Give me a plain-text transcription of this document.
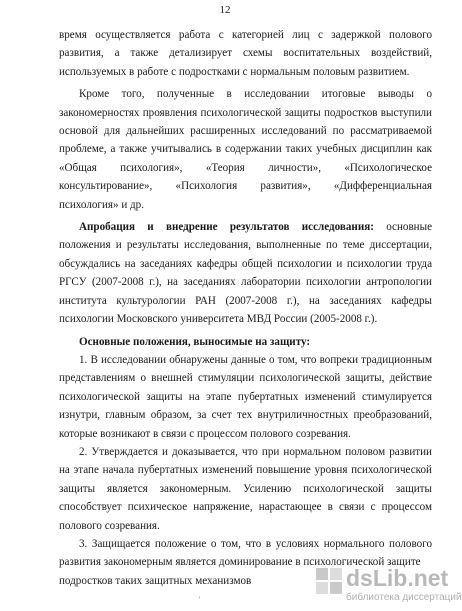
12

время осуществляется работа с категорией лиц с задержкой полового развития, а также детализирует схемы воспитательных воздействий, используемых в работе с подростками с нормальным половым развитием.

Кроме того, полученные в исследовании итоговые выводы о закономерностях проявления психологической защиты подростков выступили основой для дальнейших расширенных исследований по рассматриваемой проблеме, а также учитывались в содержании таких учебных дисциплин как «Общая психология», «Теория личности», «Психологическое консультирование», «Психология развития», «Дифференциальная психология» и др.

Апробация и внедрение результатов исследования: основные положения и результаты исследования, выполненные по теме диссертации, обсуждались на заседаниях кафедры общей психологии и психологии труда РГСУ (2007-2008 г.), на заседаниях лаборатории психологии антропологии института культурологии РАН (2007-2008 г.), на заседаниях кафедры психологии Московского университета МВД России (2005-2008 г.).

Основные положения, выносимые на защиту:

1. В исследовании обнаружены данные о том, что вопреки традиционным представлениям о внешней стимуляции психологической защиты, действие психологической защиты на этапе пубертатных изменений стимулируется изнутри, главным образом, за счет тех внутриличностных преобразований, которые возникают в связи с процессом полового созревания.

2. Утверждается и доказывается, что при нормальном половом развитии на этапе начала пубертатных изменений повышение уровня психологической защиты является закономерным. Усилению психологической защиты способствует психическое напряжение, нарастающее в связи с процессом полового созревания.

3. Защищается положение о том, что в условиях нормального полового развития закономерным является доминирование в психологической защите

подростков таких защитных механизмов

ʼ
dsLib.net
библиотека диссертаций
